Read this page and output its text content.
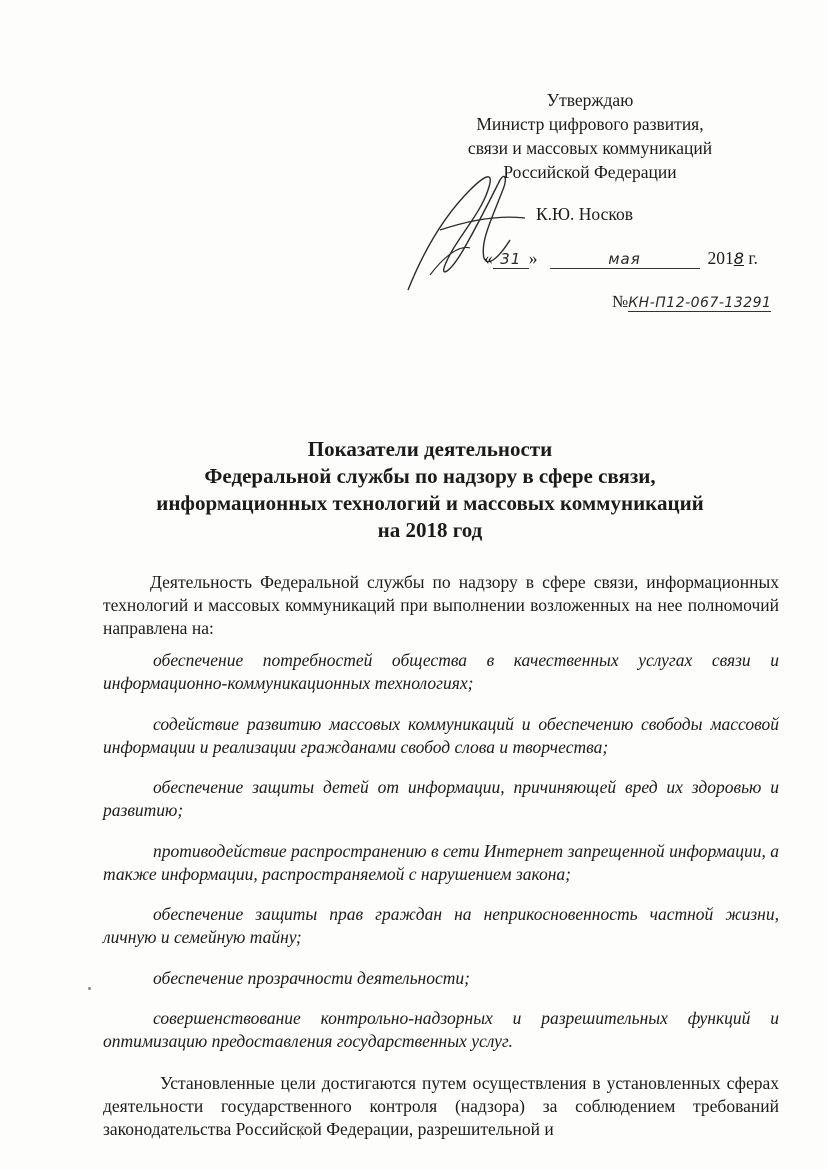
Утверждаю
Министр цифрового развития,
связи и массовых коммуникаций
Российской Федерации
К.Ю. Носков
« 31 »	мая	2018 г.
№КН-П12-067-13291
Показатели деятельности
Федеральной службы по надзору в сфере связи,
информационных технологий и массовых коммуникаций
на 2018 год

Деятельность Федеральной службы по надзору в сфере связи, информационных технологий и массовых коммуникаций при выполнении возложенных на нее полномочий направлена на:

обеспечение потребностей общества в качественных услугах связи и информационно-коммуникационных технологиях;

содействие развитию массовых коммуникаций и обеспечению свободы массовой информации и реализации гражданами свобод слова и творчества;

обеспечение защиты детей от информации, причиняющей вред их здоровью и развитию;

противодействие распространению в сети Интернет запрещенной информации, а также информации, распространяемой с нарушением закона;

обеспечение защиты прав граждан на неприкосновенность частной жизни, личную и семейную тайну;

обеспечение прозрачности деятельности;

совершенствование контрольно-надзорных и разрешительных функций и оптимизацию предоставления государственных услуг.

Установленные цели достигаются путем осуществления в установленных сферах деятельности государственного контроля (надзора) за соблюдением требований законодательства Российской Федерации, разрешительной и
